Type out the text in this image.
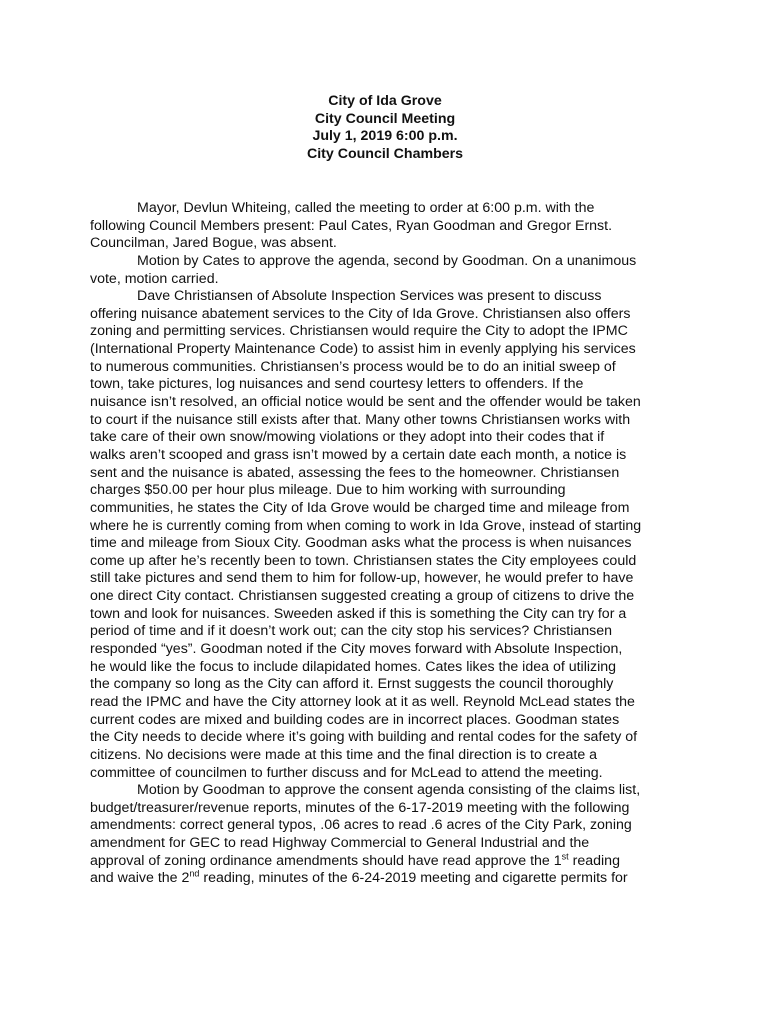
City of Ida Grove
City Council Meeting
July 1, 2019 6:00 p.m.
City Council Chambers
Mayor, Devlun Whiteing, called the meeting to order at 6:00 p.m. with the
following Council Members present: Paul Cates, Ryan Goodman and Gregor Ernst.
Councilman, Jared Bogue, was absent.
Motion by Cates to approve the agenda, second by Goodman. On a unanimous
vote, motion carried.
Dave Christiansen of Absolute Inspection Services was present to discuss
offering nuisance abatement services to the City of Ida Grove. Christiansen also offers
zoning and permitting services. Christiansen would require the City to adopt the IPMC
(International Property Maintenance Code) to assist him in evenly applying his services
to numerous communities. Christiansen’s process would be to do an initial sweep of
town, take pictures, log nuisances and send courtesy letters to offenders. If the
nuisance isn’t resolved, an official notice would be sent and the offender would be taken
to court if the nuisance still exists after that. Many other towns Christiansen works with
take care of their own snow/mowing violations or they adopt into their codes that if
walks aren’t scooped and grass isn’t mowed by a certain date each month, a notice is
sent and the nuisance is abated, assessing the fees to the homeowner. Christiansen
charges $50.00 per hour plus mileage. Due to him working with surrounding
communities, he states the City of Ida Grove would be charged time and mileage from
where he is currently coming from when coming to work in Ida Grove, instead of starting
time and mileage from Sioux City. Goodman asks what the process is when nuisances
come up after he’s recently been to town. Christiansen states the City employees could
still take pictures and send them to him for follow-up, however, he would prefer to have
one direct City contact. Christiansen suggested creating a group of citizens to drive the
town and look for nuisances. Sweeden asked if this is something the City can try for a
period of time and if it doesn’t work out; can the city stop his services? Christiansen
responded “yes”. Goodman noted if the City moves forward with Absolute Inspection,
he would like the focus to include dilapidated homes. Cates likes the idea of utilizing
the company so long as the City can afford it. Ernst suggests the council thoroughly
read the IPMC and have the City attorney look at it as well. Reynold McLead states the
current codes are mixed and building codes are in incorrect places. Goodman states
the City needs to decide where it’s going with building and rental codes for the safety of
citizens. No decisions were made at this time and the final direction is to create a
committee of councilmen to further discuss and for McLead to attend the meeting.
Motion by Goodman to approve the consent agenda consisting of the claims list,
budget/treasurer/revenue reports, minutes of the 6-17-2019 meeting with the following
amendments: correct general typos, .06 acres to read .6 acres of the City Park, zoning
amendment for GEC to read Highway Commercial to General Industrial and the
approval of zoning ordinance amendments should have read approve the 1st reading
and waive the 2nd reading, minutes of the 6-24-2019 meeting and cigarette permits for
